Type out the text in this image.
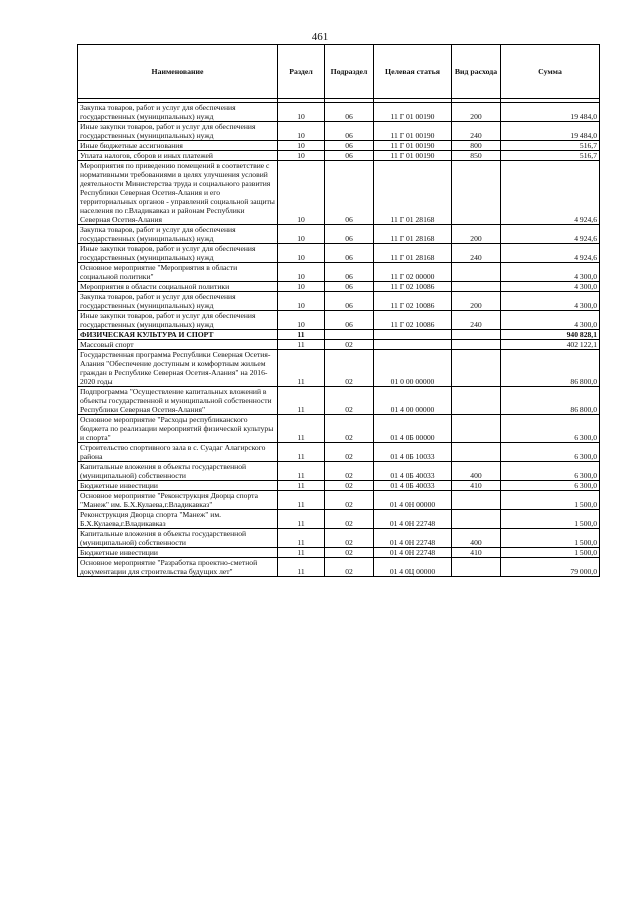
461
Наименование	Раздел	Подраздел	Целевая статья	Вид расхода	Сумма

Закупка товаров, работ и услуг для обеспечения государственных (муниципальных) нужд	10	06	11 Г 01 00190	200	19 484,0
Иные закупки товаров, работ и услуг для обеспечения государственных (муниципальных) нужд	10	06	11 Г 01 00190	240	19 484,0
Иные бюджетные ассигнования	10	06	11 Г 01 00190	800	516,7
Уплата налогов, сборов и иных платежей	10	06	11 Г 01 00190	850	516,7
Мероприятия по приведению помещений в соответствие с нормативными требованиями в целях улучшения условий деятельности Министерства труда и социального развития Республики Северная Осетия-Алания и его территориальных органов - управлений социальной защиты населения по г.Владикавказ и районам Республики Северная Осетия-Алания	10	06	11 Г 01 28168		4 924,6
Закупка товаров, работ и услуг для обеспечения государственных (муниципальных) нужд	10	06	11 Г 01 28168	200	4 924,6
Иные закупки товаров, работ и услуг для обеспечения государственных (муниципальных) нужд	10	06	11 Г 01 28168	240	4 924,6
Основное мероприятие "Мероприятия в области социальной политики"	10	06	11 Г 02 00000		4 300,0
Мероприятия в области социальной политики	10	06	11 Г 02 10086		4 300,0
Закупка товаров, работ и услуг для обеспечения государственных (муниципальных) нужд	10	06	11 Г 02 10086	200	4 300,0
Иные закупки товаров, работ и услуг для обеспечения государственных (муниципальных) нужд	10	06	11 Г 02 10086	240	4 300,0
ФИЗИЧЕСКАЯ КУЛЬТУРА И СПОРТ	11				940 828,1
Массовый спорт	11	02			402 122,1
Государственная программа Республики Северная Осетия-Алания "Обеспечение доступным и комфортным жильем граждан в Республике Северная Осетия-Алания" на 2016-2020 годы	11	02	01 0 00 00000		86 800,0
Подпрограмма "Осуществление капитальных вложений в объекты государственной и муниципальной собственности Республики Северная Осетия-Алания"	11	02	01 4 00 00000		86 800,0
Основное мероприятие "Расходы республиканского бюджета по реализации мероприятий физической культуры и спорта"	11	02	01 4 0Б 00000		6 300,0
Строительство спортивного зала в с. Суадаг Алагирского района	11	02	01 4 0Б 10033		6 300,0
Капитальные вложения в объекты государственной (муниципальной) собственности	11	02	01 4 0Б 40033	400	6 300,0
Бюджетные инвестиции	11	02	01 4 0Б 40033	410	6 300,0
Основное мероприятие "Реконструкция Дворца спорта "Манеж" им. Б.Х.Кулаева,г.Владикавказ"	11	02	01 4 0Н 00000		1 500,0
Реконструкция Дворца спорта "Манеж" им. Б.Х.Кулаева,г.Владикавказ	11	02	01 4 0Н 22748		1 500,0
Капитальные вложения в объекты государственной (муниципальной) собственности	11	02	01 4 0Н 22748	400	1 500,0
Бюджетные инвестиции	11	02	01 4 0Н 22748	410	1 500,0
Основное мероприятие "Разработка проектно-сметной документации для строительства будущих лет"	11	02	01 4 0Ц 00000		79 000,0
